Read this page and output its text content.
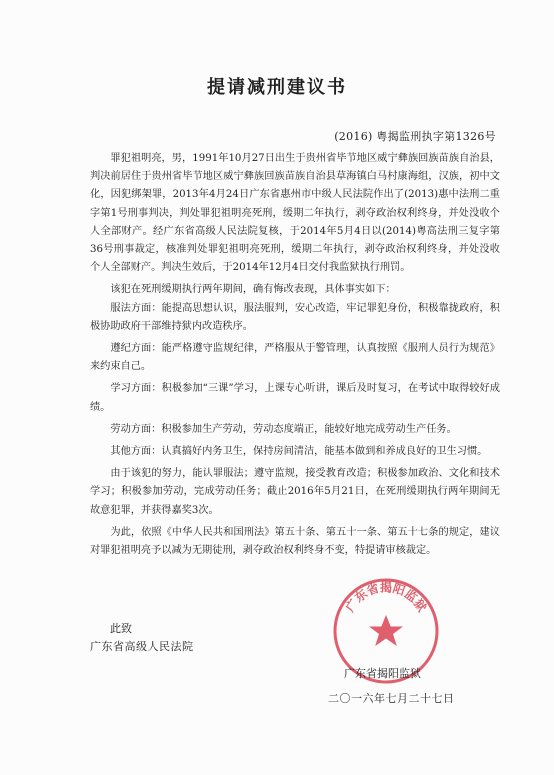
提请减刑建议书
(2016) 粤揭监刑执字第1326号

罪犯祖明亮，男，1991年10月27日出生于贵州省毕节地区威宁彝族回族苗族自治县，判决前居住于贵州省毕节地区威宁彝族回族苗族自治县草海镇白马村康海组，汉族，初中文化，因犯绑架罪，2013年4月24日广东省惠州市中级人民法院作出了(2013)惠中法刑二重字第1号刑事判决，判处罪犯祖明亮死刑，缓期二年执行，剥夺政治权利终身，并处没收个人全部财产。经广东省高级人民法院复核，于2014年5月4日以(2014)粤高法刑三复字第36号刑事裁定，核准判处罪犯祖明亮死刑，缓期二年执行，剥夺政治权利终身，并处没收个人全部财产。判决生效后，于2014年12月4日交付我监狱执行刑罚。

该犯在死刑缓期执行两年期间，确有悔改表现，具体事实如下：

服法方面：能提高思想认识，服法服判，安心改造，牢记罪犯身份，积极靠拢政府，积极协助政府干部维持狱内改造秩序。

遵纪方面：能严格遵守监规纪律，严格服从于警管理，认真按照《服刑人员行为规范》来约束自己。

学习方面：积极参加“三课”学习，上课专心听讲，课后及时复习，在考试中取得较好成绩。

劳动方面：积极参加生产劳动，劳动态度端正，能较好地完成劳动生产任务。

其他方面：认真搞好内务卫生，保持房间清洁，能基本做到和养成良好的卫生习惯。

由于该犯的努力，能认罪服法；遵守监规，接受教育改造；积极参加政治、文化和技术学习；积极参加劳动，完成劳动任务；截止2016年5月21日，在死刑缓期执行两年期间无故意犯罪，并获得嘉奖3次。

为此，依照《中华人民共和国刑法》第五十条、第五十一条、第五十七条的规定，建议对罪犯祖明亮予以减为无期徒刑，剥夺政治权利终身不变，特提请审核裁定。

此致
广东省高级人民法院
广东省揭阳监狱
广东省揭阳监狱
二〇一六年七月二十七日
